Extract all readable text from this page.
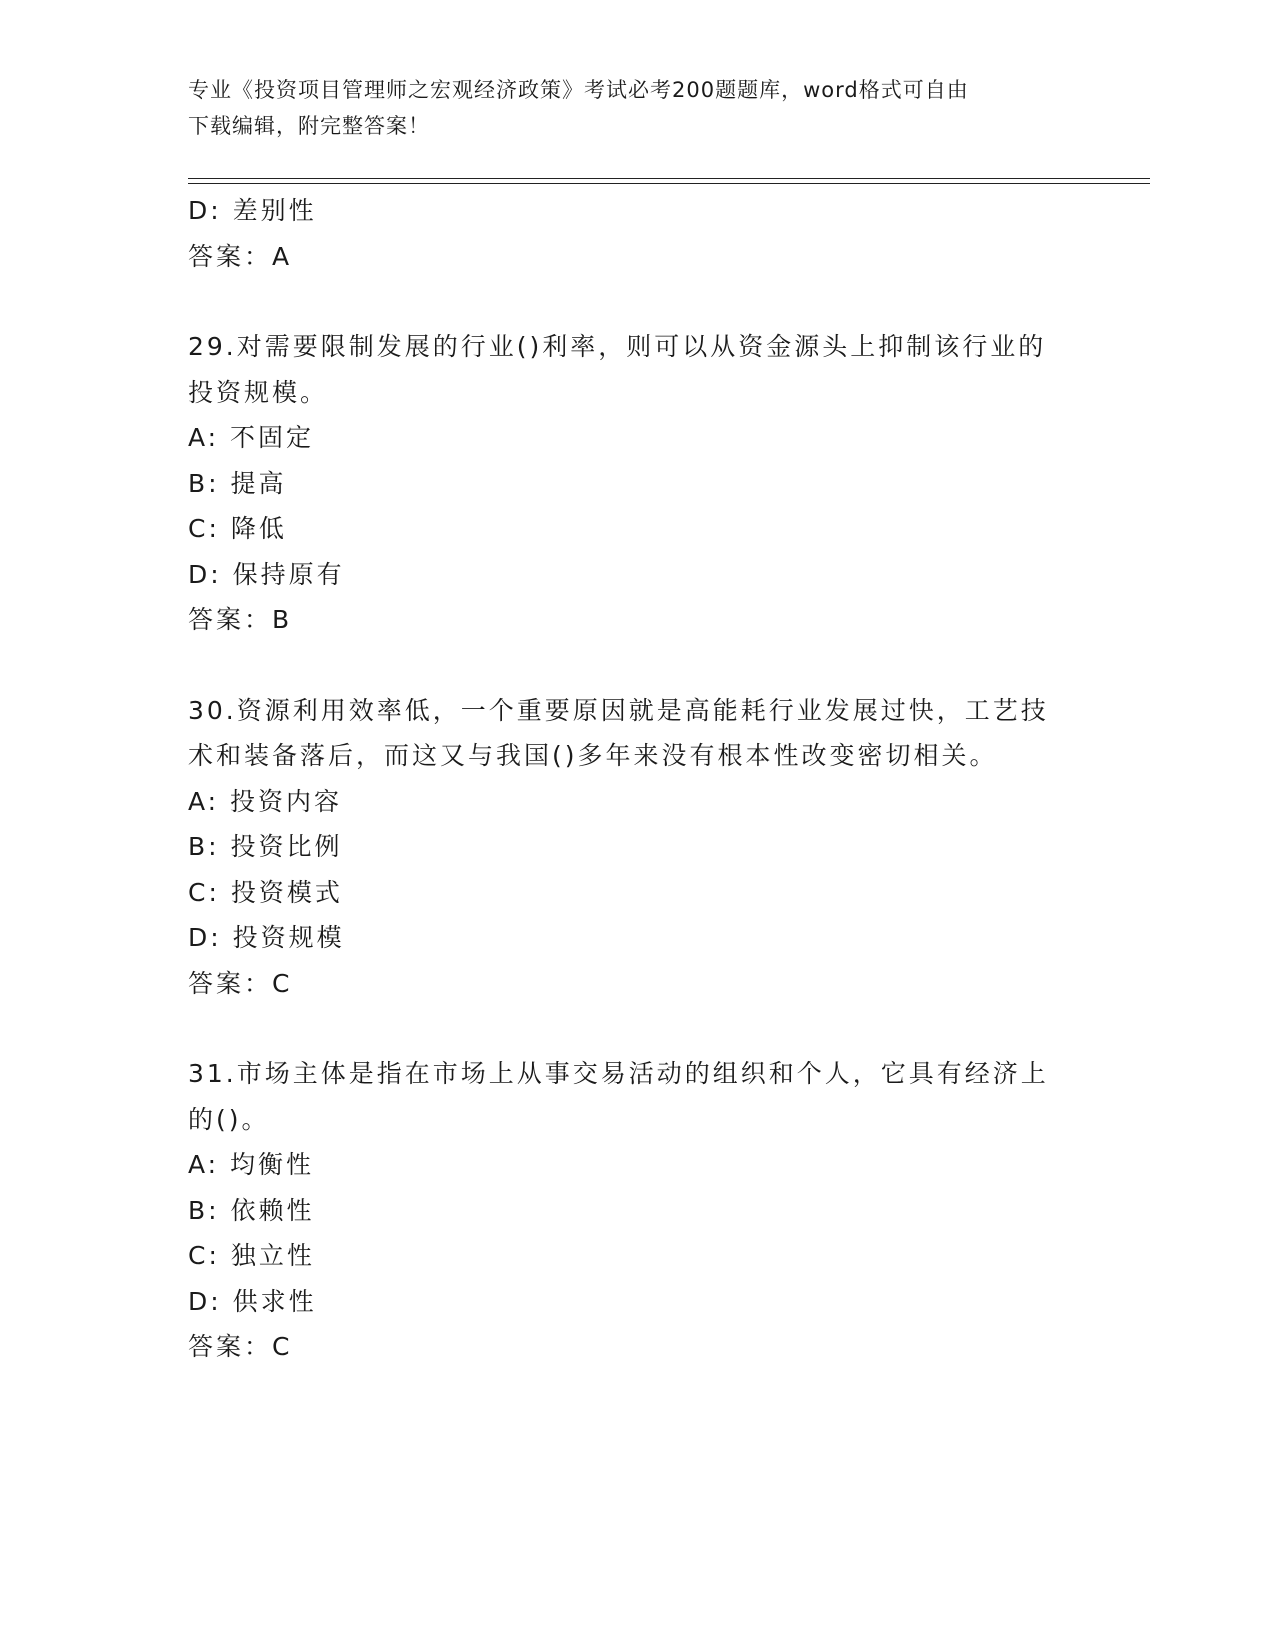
专业《投资项目管理师之宏观经济政策》考试必考200题题库，word格式可自由
下载编辑，附完整答案！
D: 差别性
答案：A
29.对需要限制发展的行业()利率，则可以从资金源头上抑制该行业的
投资规模。
A: 不固定
B: 提高
C: 降低
D: 保持原有
答案：B
30.资源利用效率低，一个重要原因就是高能耗行业发展过快，工艺技
术和装备落后，而这又与我国()多年来没有根本性改变密切相关。
A: 投资内容
B: 投资比例
C: 投资模式
D: 投资规模
答案：C
31.市场主体是指在市场上从事交易活动的组织和个人，它具有经济上
的()。
A: 均衡性
B: 依赖性
C: 独立性
D: 供求性
答案：C
